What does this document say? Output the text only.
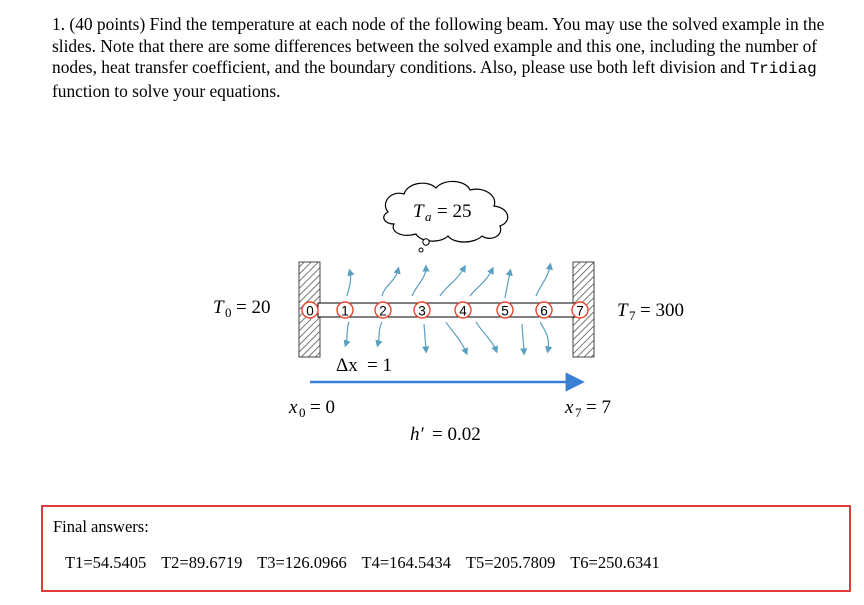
1. (40 points) Find the temperature at each node of the following beam. You may use the solved example in the slides. Note that there are some differences between the solved example and this one, including the number of nodes, heat transfer coefficient, and the boundary conditions. Also, please use both left division and Tridiag function to solve your equations.

T a = 25
0 1 2 3 4	5 6 7
T 0 = 20	T 7 = 300
Δx = 1
x 0 = 0	x 7 = 7
h′ = 0.02
Final answers:
T1=54.5405 T2=89.6719 T3=126.0966 T4=164.5434 T5=205.7809 T6=250.6341
